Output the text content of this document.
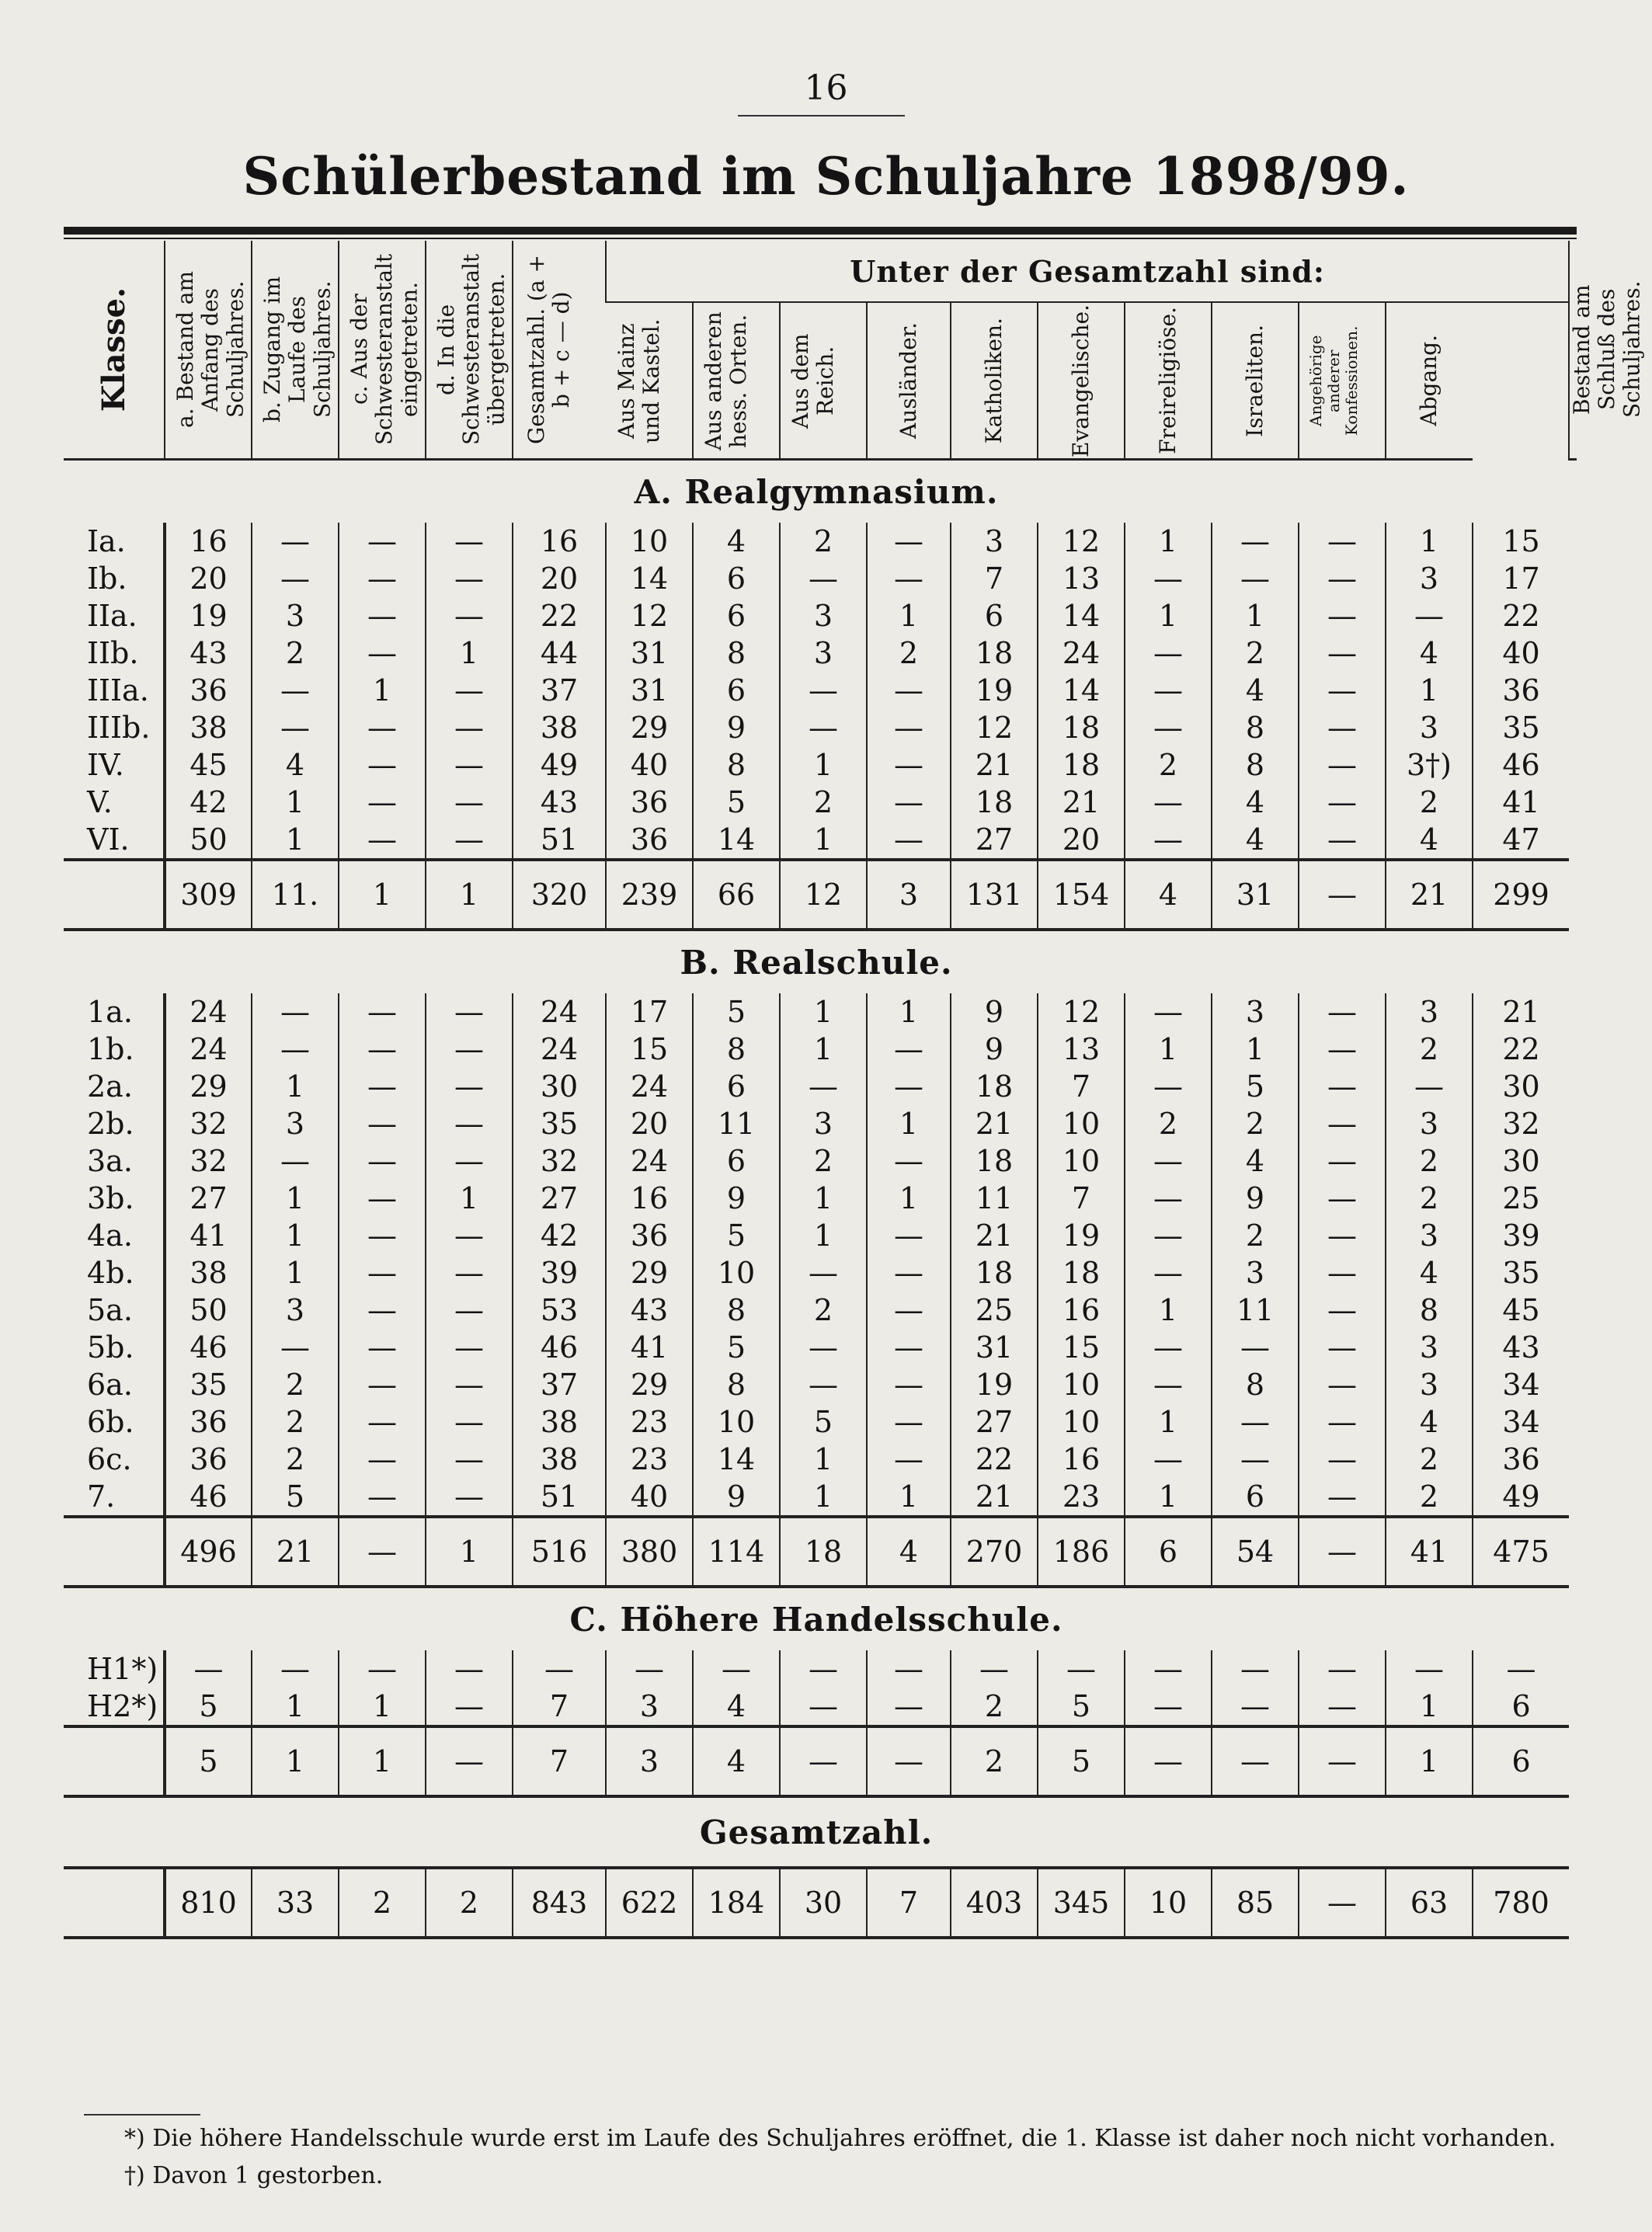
16
Schülerbestand im Schuljahre 1898/99.
Klasse.	a. Bestand am Anfang des Schuljahres.	b. Zugang im Laufe des Schuljahres.	c. Aus der Schwesteranstalt eingetreten.	d. In die Schwesteranstalt übergetreten.	Gesamtzahl. (a + b + c — d)	Unter der Gesamtzahl sind:											Bestand am Schluß des Schuljahres.

						Aus Mainz und Kastel.	Aus anderen hess. Orten.	Aus dem Reich.	Ausländer.	Katholiken.	Evangelische.	Freireligiöse.	Israeliten.	Angehörige anderer Konfessionen.	Abgang.		

A. Realgymnasium.																	
Ia.	16	—	—	—	16	10	4	2	—	3	12	1	—	—	1	15	
Ib.	20	—	—	—	20	14	6	—	—	7	13	—	—	—	3	17	
IIa.	19	3	—	—	22	12	6	3	1	6	14	1	1	—	—	22	
IIb.	43	2	—	1	44	31	8	3	2	18	24	—	2	—	4	40	
IIIa.	36	—	1	—	37	31	6	—	—	19	14	—	4	—	1	36	
IIIb.	38	—	—	—	38	29	9	—	—	12	18	—	8	—	3	35	
IV.	45	4	—	—	49	40	8	1	—	21	18	2	8	—	3†)	46	
V.	42	1	—	—	43	36	5	2	—	18	21	—	4	—	2	41	
VI.	50	1	—	—	51	36	14	1	—	27	20	—	4	—	4	47	
	309	11.	1	1	320	239	66	12	3	131	154	4	31	—	21	299	
B. Realschule.																	
1a.	24	—	—	—	24	17	5	1	1	9	12	—	3	—	3	21	
1b.	24	—	—	—	24	15	8	1	—	9	13	1	1	—	2	22	
2a.	29	1	—	—	30	24	6	—	—	18	7	—	5	—	—	30	
2b.	32	3	—	—	35	20	11	3	1	21	10	2	2	—	3	32	
3a.	32	—	—	—	32	24	6	2	—	18	10	—	4	—	2	30	
3b.	27	1	—	1	27	16	9	1	1	11	7	—	9	—	2	25	
4a.	41	1	—	—	42	36	5	1	—	21	19	—	2	—	3	39	
4b.	38	1	—	—	39	29	10	—	—	18	18	—	3	—	4	35	
5a.	50	3	—	—	53	43	8	2	—	25	16	1	11	—	8	45	
5b.	46	—	—	—	46	41	5	—	—	31	15	—	—	—	3	43	
6a.	35	2	—	—	37	29	8	—	—	19	10	—	8	—	3	34	
6b.	36	2	—	—	38	23	10	5	—	27	10	1	—	—	4	34	
6c.	36	2	—	—	38	23	14	1	—	22	16	—	—	—	2	36	
7.	46	5	—	—	51	40	9	1	1	21	23	1	6	—	2	49	
	496	21	—	1	516	380	114	18	4	270	186	6	54	—	41	475	
C. Höhere Handelsschule.																	
H1*)	—	—	—	—	—	—	—	—	—	—	—	—	—	—	—	—	
H2*)	5	1	1	—	7	3	4	—	—	2	5	—	—	—	1	6	
	5	1	1	—	7	3	4	—	—	2	5	—	—	—	1	6	
Gesamtzahl.																	
	810	33	2	2	843	622	184	30	7	403	345	10	85	—	63	780	
*) Die höhere Handelsschule wurde erst im Laufe des Schuljahres eröffnet, die 1. Klasse ist daher noch nicht vorhanden.
†) Davon 1 gestorben.
